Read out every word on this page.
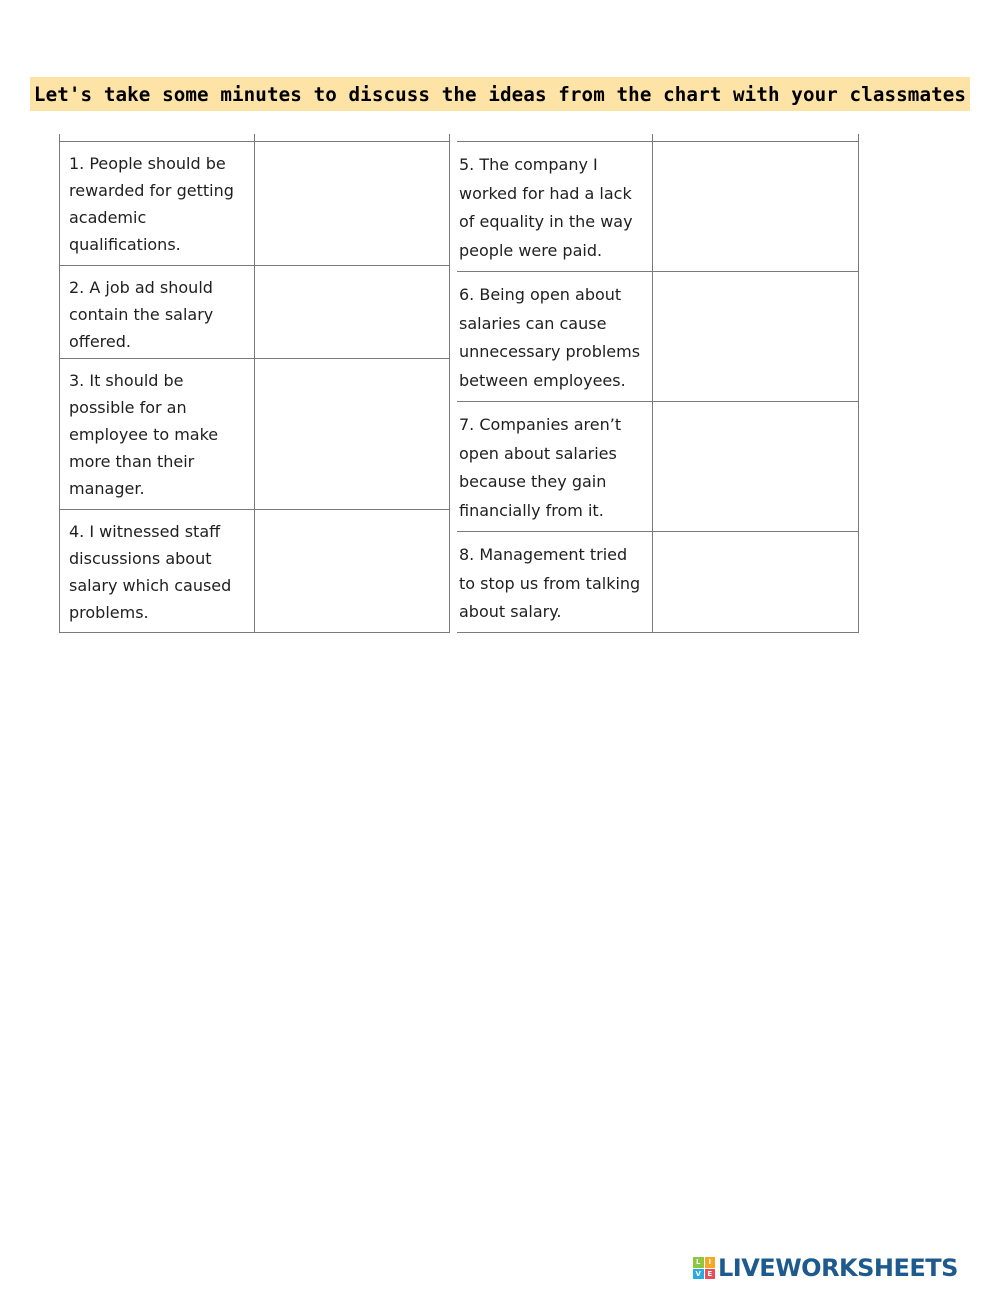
Let's take some minutes to discuss the ideas from the chart with your classmates
1. People should be rewarded for getting academic qualifications.
2. A job ad should contain the salary offered.
3. It should be possible for an employee to make more than their manager.
4. I witnessed staff discussions about salary which caused problems.
5. The company I worked for had a lack of equality in the way people were paid.
6. Being open about salaries can cause unnecessary problems between employees.
7. Companies aren’t open about salaries because they gain financially from it.
8. Management tried to stop us from talking about salary.
L	I
V E LIVEWORKSHEETS
